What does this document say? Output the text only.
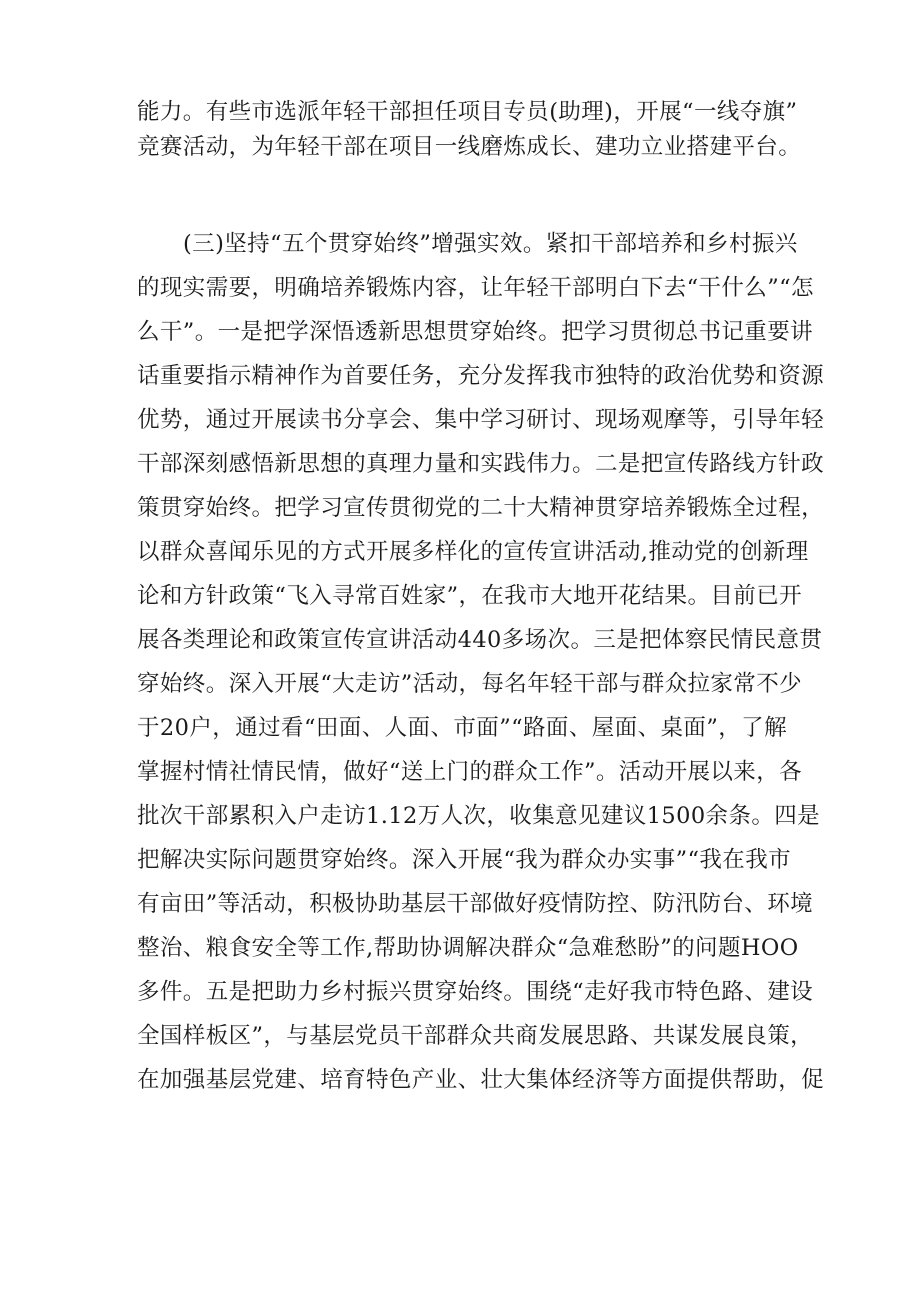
能力。有些市选派年轻干部担任项目专员(助理)，开展“一线夺旗”
竞赛活动，为年轻干部在项目一线磨炼成长、建功立业搭建平台。
(三)坚持“五个贯穿始终”增强实效。紧扣干部培养和乡村振兴
的现实需要，明确培养锻炼内容，让年轻干部明白下去“干什么”“怎
么干”。一是把学深悟透新思想贯穿始终。把学习贯彻总书记重要讲
话重要指示精神作为首要任务，充分发挥我市独特的政治优势和资源
优势，通过开展读书分享会、集中学习研讨、现场观摩等，引导年轻
干部深刻感悟新思想的真理力量和实践伟力。二是把宣传路线方针政
策贯穿始终。把学习宣传贯彻党的二十大精神贯穿培养锻炼全过程，
以群众喜闻乐见的方式开展多样化的宣传宣讲活动,推动党的创新理
论和方针政策“飞入寻常百姓家”，在我市大地开花结果。目前已开
展各类理论和政策宣传宣讲活动440多场次。三是把体察民情民意贯
穿始终。深入开展“大走访”活动，每名年轻干部与群众拉家常不少
于20户，通过看“田面、人面、市面”“路面、屋面、桌面”，了解
掌握村情社情民情，做好“送上门的群众工作”。活动开展以来，各
批次干部累积入户走访1.12万人次，收集意见建议1500余条。四是
把解决实际问题贯穿始终。深入开展“我为群众办实事”“我在我市
有亩田”等活动，积极协助基层干部做好疫情防控、防汛防台、环境
整治、粮食安全等工作,帮助协调解决群众“急难愁盼”的问题HOO
多件。五是把助力乡村振兴贯穿始终。围绕“走好我市特色路、建设
全国样板区”，与基层党员干部群众共商发展思路、共谋发展良策，
在加强基层党建、培育特色产业、壮大集体经济等方面提供帮助，促
